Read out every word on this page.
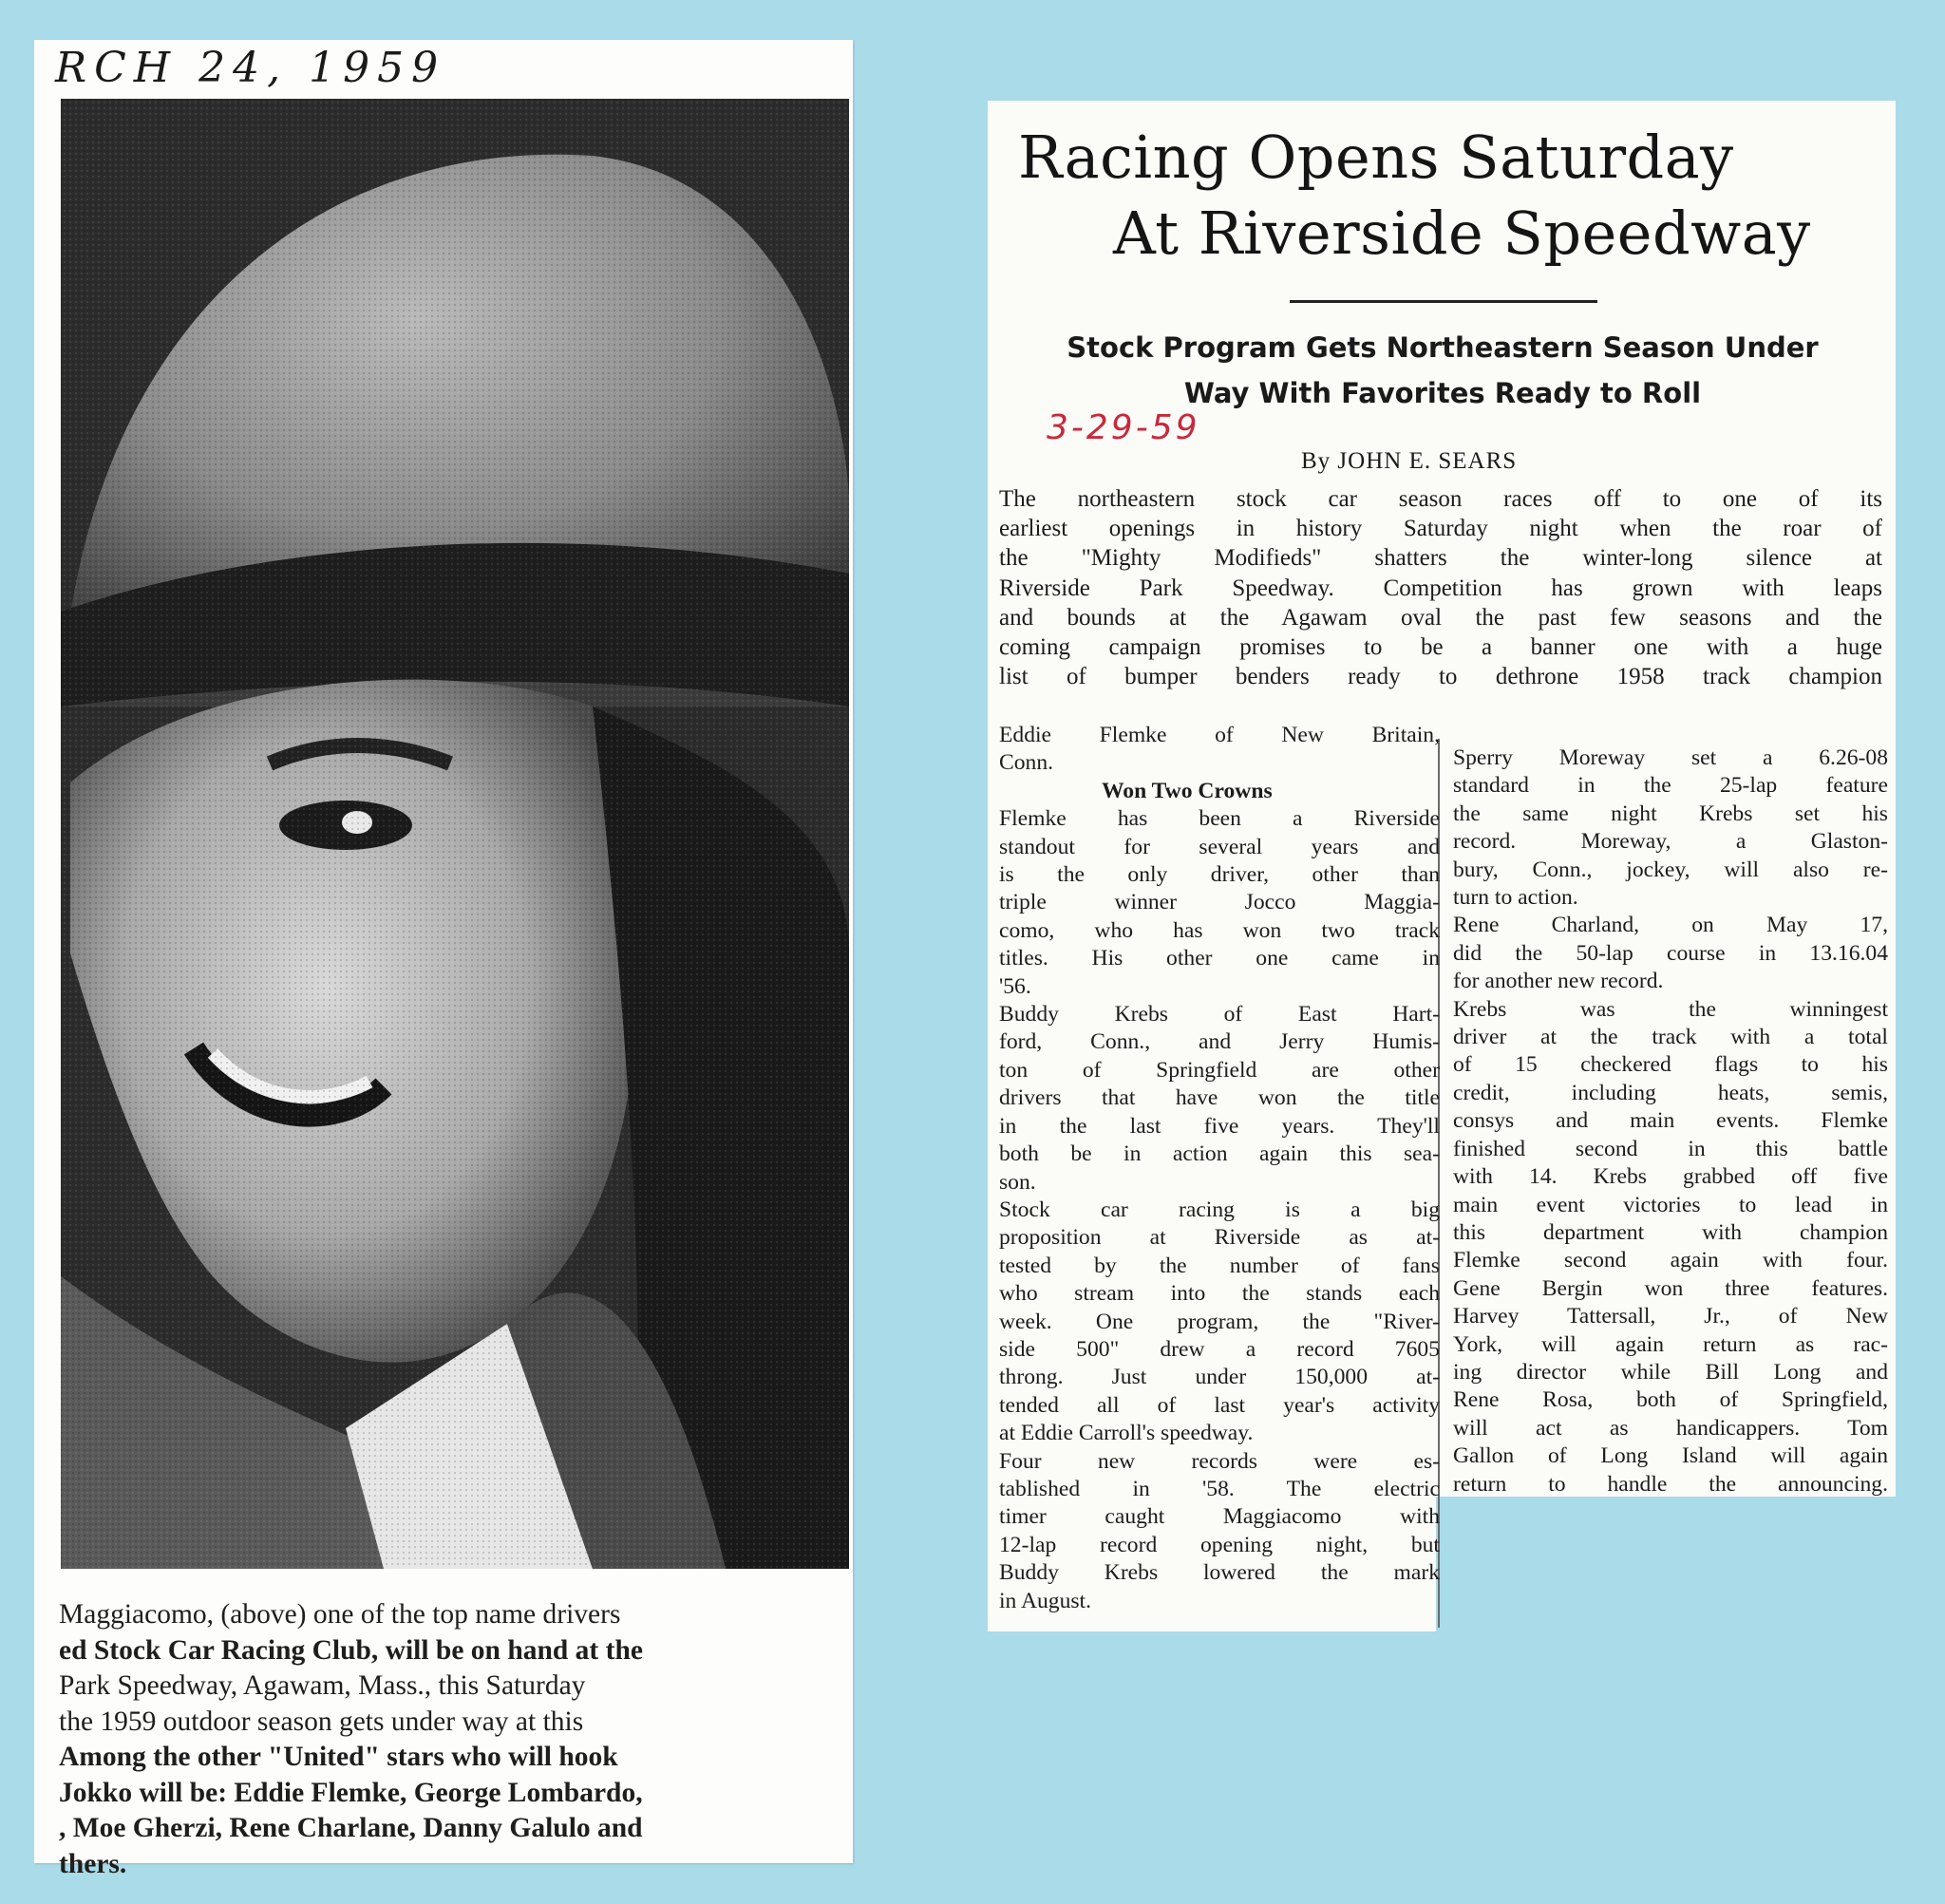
RCH 24, 1959
Maggiacomo, (above) one of the top name drivers
ed Stock Car Racing Club, will be on hand at the
Park Speedway, Agawam, Mass., this Saturday
the 1959 outdoor season gets under way at this
Among the other "United" stars who will hook
Jokko will be: Eddie Flemke, George Lombardo,
, Moe Gherzi, Rene Charlane, Danny Galulo and
thers.
Racing Opens Saturday
At Riverside Speedway
Stock Program Gets Northeastern Season Under
Way With Favorites Ready to Roll
3-29-59
By JOHN E. SEARS
The northeastern stock car season races off to one of its
earliest openings in history Saturday night when the roar of
the "Mighty Modifieds" shatters the winter-long silence at
Riverside Park Speedway. Competition has grown with leaps
and bounds at the Agawam oval the past few seasons and the
coming campaign promises to be a banner one with a huge
list of bumper benders ready to dethrone 1958 track champion
Eddie Flemke of New Britain,
Conn.
Won Two Crowns
Flemke has been a Riverside
standout for several years and
is the only driver, other than
triple winner Jocco Maggia-
como, who has won two track
titles. His other one came in
'56.
Buddy Krebs of East Hart-
ford, Conn., and Jerry Humis-
ton of Springfield are other
drivers that have won the title
in the last five years. They'll
both be in action again this sea-
son.
Stock car racing is a big
proposition at Riverside as at-
tested by the number of fans
who stream into the stands each
week. One program, the "River-
side 500" drew a record 7605
throng. Just under 150,000 at-
tended all of last year's activity
at Eddie Carroll's speedway.
Four new records were es-
tablished in '58. The electric
timer caught Maggiacomo with
12-lap record opening night, but
Buddy Krebs lowered the mark
in August.
Sperry Moreway set a 6.26-08
standard in the 25-lap feature
the same night Krebs set his
record. Moreway, a Glaston-
bury, Conn., jockey, will also re-
turn to action.
Rene Charland, on May 17,
did the 50-lap course in 13.16.04
for another new record.
Krebs was the winningest
driver at the track with a total
of 15 checkered flags to his
credit, including heats, semis,
consys and main events. Flemke
finished second in this battle
with 14. Krebs grabbed off five
main event victories to lead in
this department with champion
Flemke second again with four.
Gene Bergin won three features.
Harvey Tattersall, Jr., of New
York, will again return as rac-
ing director while Bill Long and
Rene Rosa, both of Springfield,
will act as handicappers. Tom
Gallon of Long Island will again
return to handle the announcing.
